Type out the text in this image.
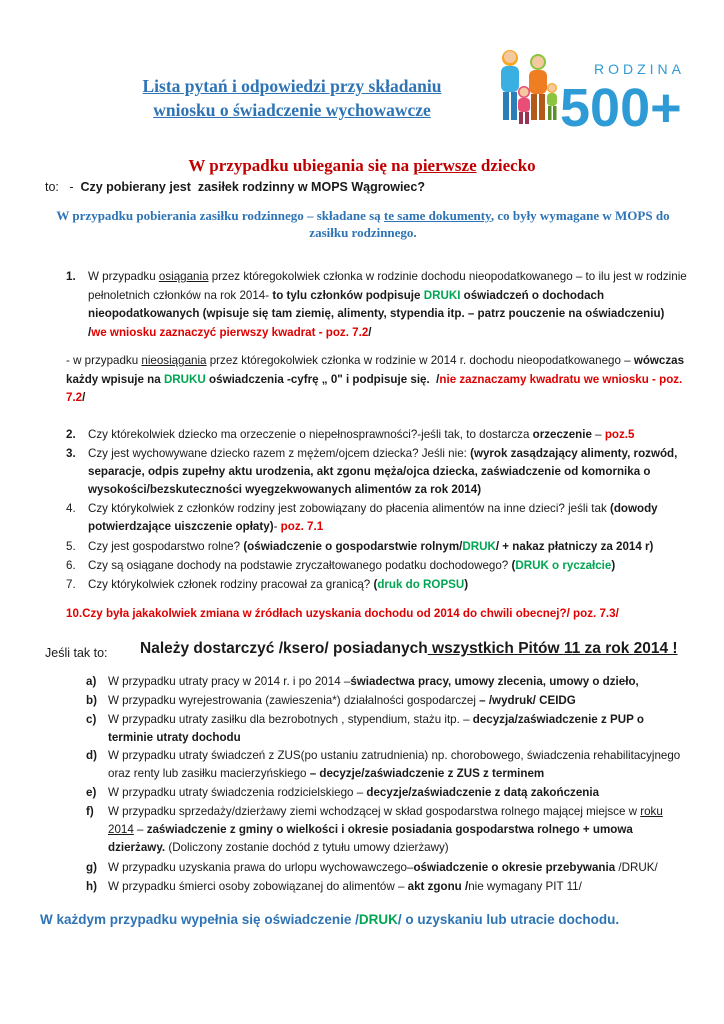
Lista pytań i odpowiedzi przy składaniu
wniosku o świadczenie wychowawcze	500+
RODZINA
W przypadku ubiegania się na pierwsze dziecko
to:   -  Czy pobierany jest  zasiłek rodzinny w MOPS Wągrowiec?
W przypadku pobierania zasiłku rodzinnego – składane są te same dokumenty, co były wymagane w MOPS do zasiłku rodzinnego.
1.	W przypadku osiągania przez któregokolwiek członka w rodzinie dochodu nieopodatkowanego – to ilu jest w rodzinie pełnoletnich członków na rok 2014- to tylu członków podpisuje DRUKI oświadczeń o dochodach nieopodatkowanych (wpisuje się tam ziemię, alimenty, stypendia itp. – patrz pouczenie na oświadczeniu)
/we wniosku zaznaczyć pierwszy kwadrat - poz. 7.2/
- w przypadku nieosiągania przez któregokolwiek członka w rodzinie w 2014 r. dochodu nieopodatkowanego – wówczas każdy wpisuje na DRUKU oświadczenia -cyfrę „ 0" i podpisuje się.  /nie zaznaczamy kwadratu we wniosku - poz. 7.2/
2.	Czy którekolwiek dziecko ma orzeczenie o niepełnosprawności?-jeśli tak, to dostarcza orzeczenie – poz.5
3.	Czy jest wychowywane dziecko razem z mężem/ojcem dziecka? Jeśli nie: (wyrok zasądzający alimenty, rozwód, separacje, odpis zupełny aktu urodzenia, akt zgonu męża/ojca dziecka, zaświadczenie od komornika o wysokości/bezskuteczności wyegzekwowanych alimentów za rok 2014)
4.	Czy którykolwiek z członków rodziny jest zobowiązany do płacenia alimentów na inne dzieci? jeśli tak (dowody potwierdzające uiszczenie opłaty)- poz. 7.1
5.	Czy jest gospodarstwo rolne? (oświadczenie o gospodarstwie rolnym/DRUK/ + nakaz płatniczy za 2014 r)
6.	Czy są osiągane dochody na podstawie zryczałtowanego podatku dochodowego? (DRUK o ryczałcie)
7.	Czy którykolwiek członek rodziny pracował za granicą? (druk do ROPSU)
10.Czy była jakakolwiek zmiana w źródłach uzyskania dochodu od 2014 do chwili obecnej?/ poz. 7.3/
Jeśli tak to: Należy dostarczyć /ksero/ posiadanych wszystkich Pitów 11 za rok 2014 !
a)	W przypadku utraty pracy w 2014 r. i po 2014 –świadectwa pracy, umowy zlecenia, umowy o dzieło,
b) W przypadku wyrejestrowania (zawieszenia*) działalności gospodarczej – /wydruk/ CEIDG
c)	W przypadku utraty zasiłku dla bezrobotnych , stypendium, stażu itp. – decyzja/zaświadczenie z PUP o terminie utraty dochodu
d) W przypadku utraty świadczeń z ZUS(po ustaniu zatrudnienia) np. chorobowego, świadczenia rehabilitacyjnego oraz renty lub zasiłku macierzyńskiego – decyzje/zaświadczenie z ZUS z terminem
e)	W przypadku utraty świadczenia rodzicielskiego – decyzje/zaświadczenie z datą zakończenia
f)	W przypadku sprzedaży/dzierżawy ziemi wchodzącej w skład gospodarstwa rolnego mającej miejsce w roku 2014 – zaświadczenie z gminy o wielkości i okresie posiadania gospodarstwa rolnego + umowa dzierżawy. (Doliczony zostanie dochód z tytułu umowy dzierżawy)
g) W przypadku uzyskania prawa do urlopu wychowawczego–oświadczenie o okresie przebywania /DRUK/
h) W przypadku śmierci osoby zobowiązanej do alimentów – akt zgonu /nie wymagany PIT 11/
W każdym przypadku wypełnia się oświadczenie /DRUK/ o uzyskaniu lub utracie dochodu.
